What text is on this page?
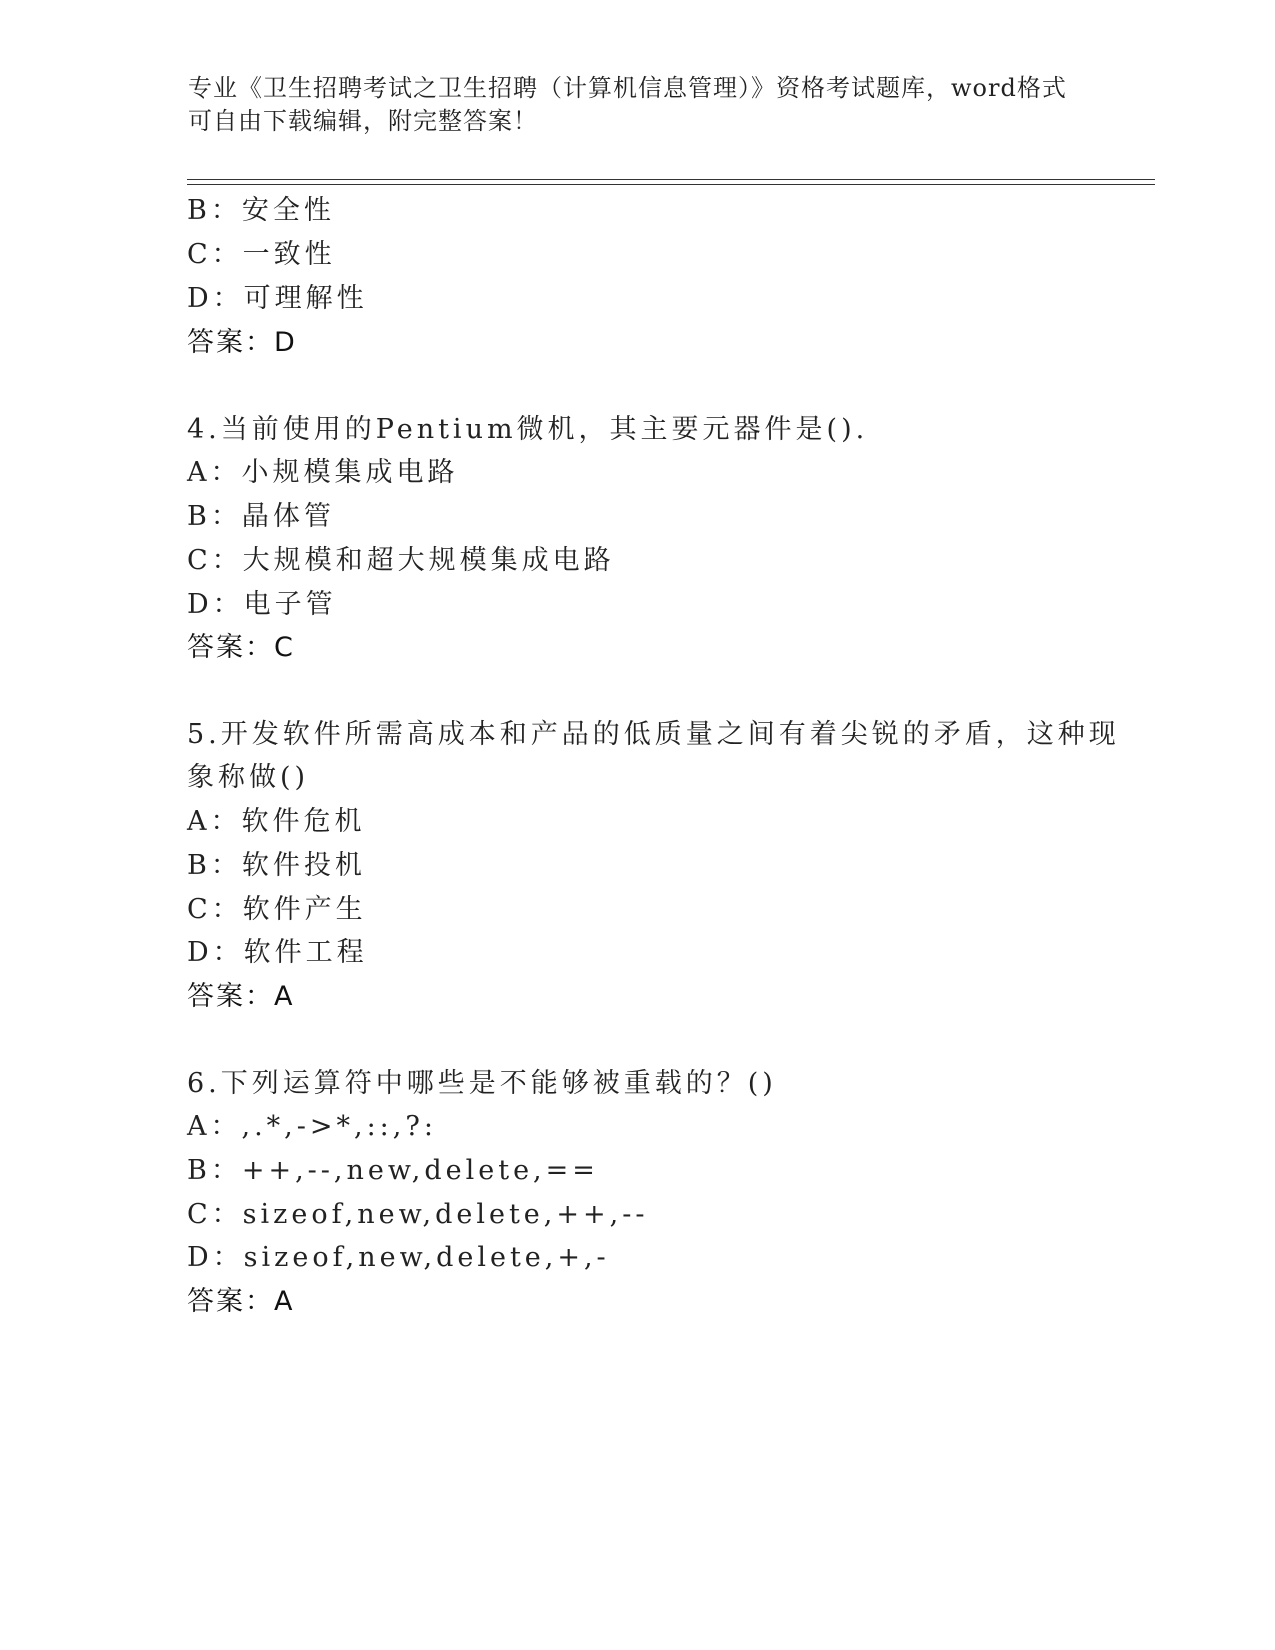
专业《卫生招聘考试之卫生招聘（计算机信息管理）》资格考试题库，word格式
可自由下载编辑，附完整答案！
B：安全性
C：一致性
D：可理解性
答案：D
4.当前使用的Pentium微机，其主要元器件是().
A：小规模集成电路
B：晶体管
C：大规模和超大规模集成电路
D：电子管
答案：C
5.开发软件所需高成本和产品的低质量之间有着尖锐的矛盾，这种现
象称做()
A：软件危机
B：软件投机
C：软件产生
D：软件工程
答案：A
6.下列运算符中哪些是不能够被重载的？()
A：,.*,->*,::,?:
B：++,--,new,delete,==
C：sizeof,new,delete,++,--
D：sizeof,new,delete,+,-
答案：A
